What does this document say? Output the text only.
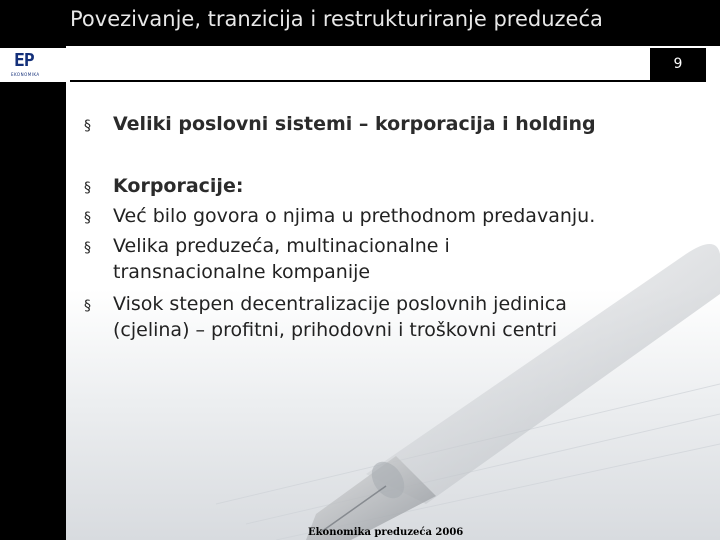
Povezivanje, tranzicija i restrukturiranje preduzeća
EP
EKONOMIKA
9
§ Veliki poslovni sistemi – korporacija i holding
§ Korporacije:
§ Već bilo govora o njima u prethodnom predavanju.
§ Velika preduzeća, multinacionalne i
transnacionalne kompanije
§ Visok stepen decentralizacije poslovnih jedinica
(cjelina) – profitni, prihodovni i troškovni centri
Ekonomika preduzeća 2006
